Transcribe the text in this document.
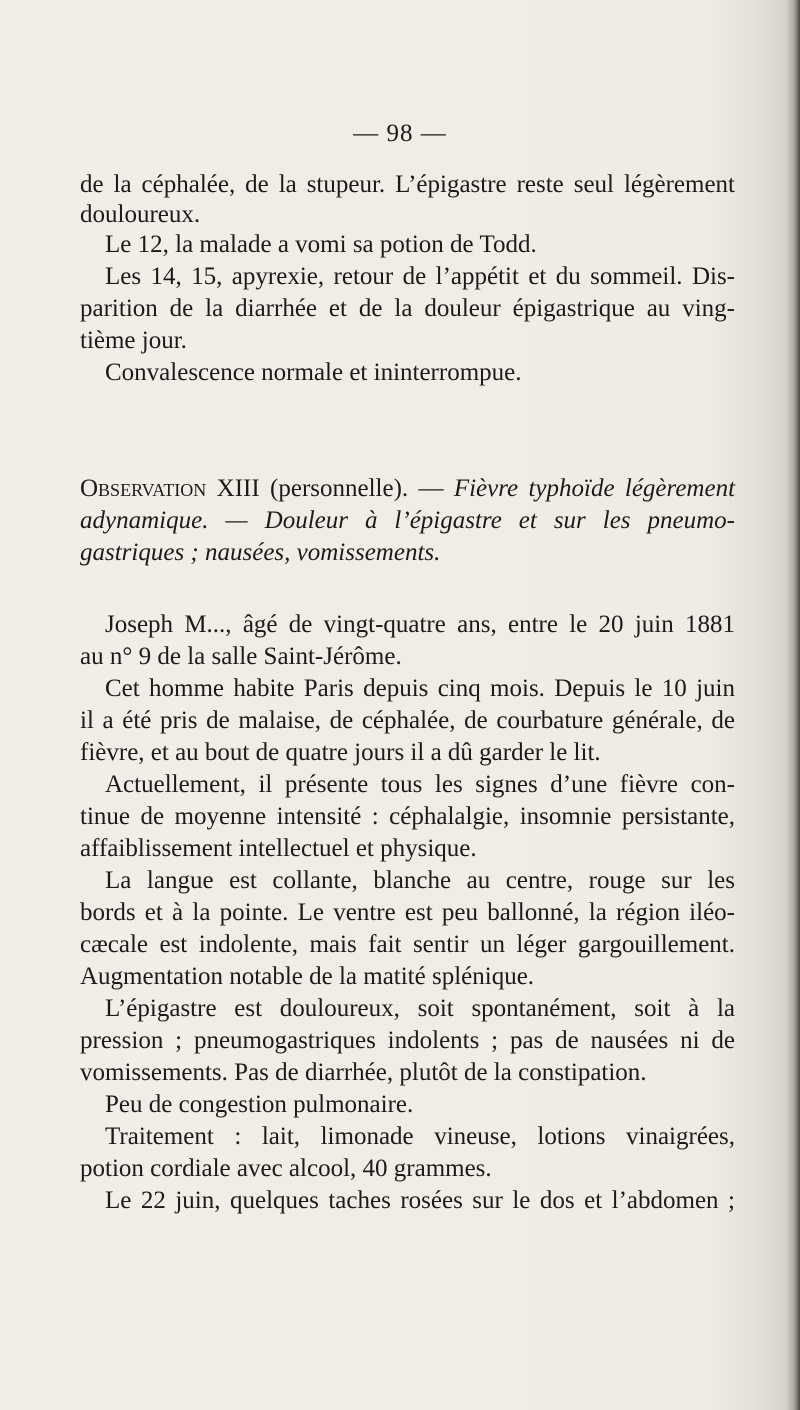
— 98 —
de la céphalée, de la stupeur. L’épigastre reste seul légèrement
douloureux.
Le 12, la malade a vomi sa potion de Todd.
Les 14, 15, apyrexie, retour de l’appétit et du sommeil. Dis-
parition de la diarrhée et de la douleur épigastrique au ving-
tième jour.
Convalescence normale et ininterrompue.
Observation XIII (personnelle). — Fièvre typhoïde légèrement
adynamique. — Douleur à l’épigastre et sur les pneumo-
gastriques ; nausées, vomissements.
Joseph M..., âgé de vingt-quatre ans, entre le 20 juin 1881
au n° 9 de la salle Saint-Jérôme.
Cet homme habite Paris depuis cinq mois. Depuis le 10 juin
il a été pris de malaise, de céphalée, de courbature générale, de
fièvre, et au bout de quatre jours il a dû garder le lit.
Actuellement, il présente tous les signes d’une fièvre con-
tinue de moyenne intensité : céphalalgie, insomnie persistante,
affaiblissement intellectuel et physique.
La langue est collante, blanche au centre, rouge sur les
bords et à la pointe. Le ventre est peu ballonné, la région iléo-
cæcale est indolente, mais fait sentir un léger gargouillement.
Augmentation notable de la matité splénique.
L’épigastre est douloureux, soit spontanément, soit à la
pression ; pneumogastriques indolents ; pas de nausées ni de
vomissements. Pas de diarrhée, plutôt de la constipation.
Peu de congestion pulmonaire.
Traitement : lait, limonade vineuse, lotions vinaigrées,
potion cordiale avec alcool, 40 grammes.
Le 22 juin, quelques taches rosées sur le dos et l’abdomen ;
